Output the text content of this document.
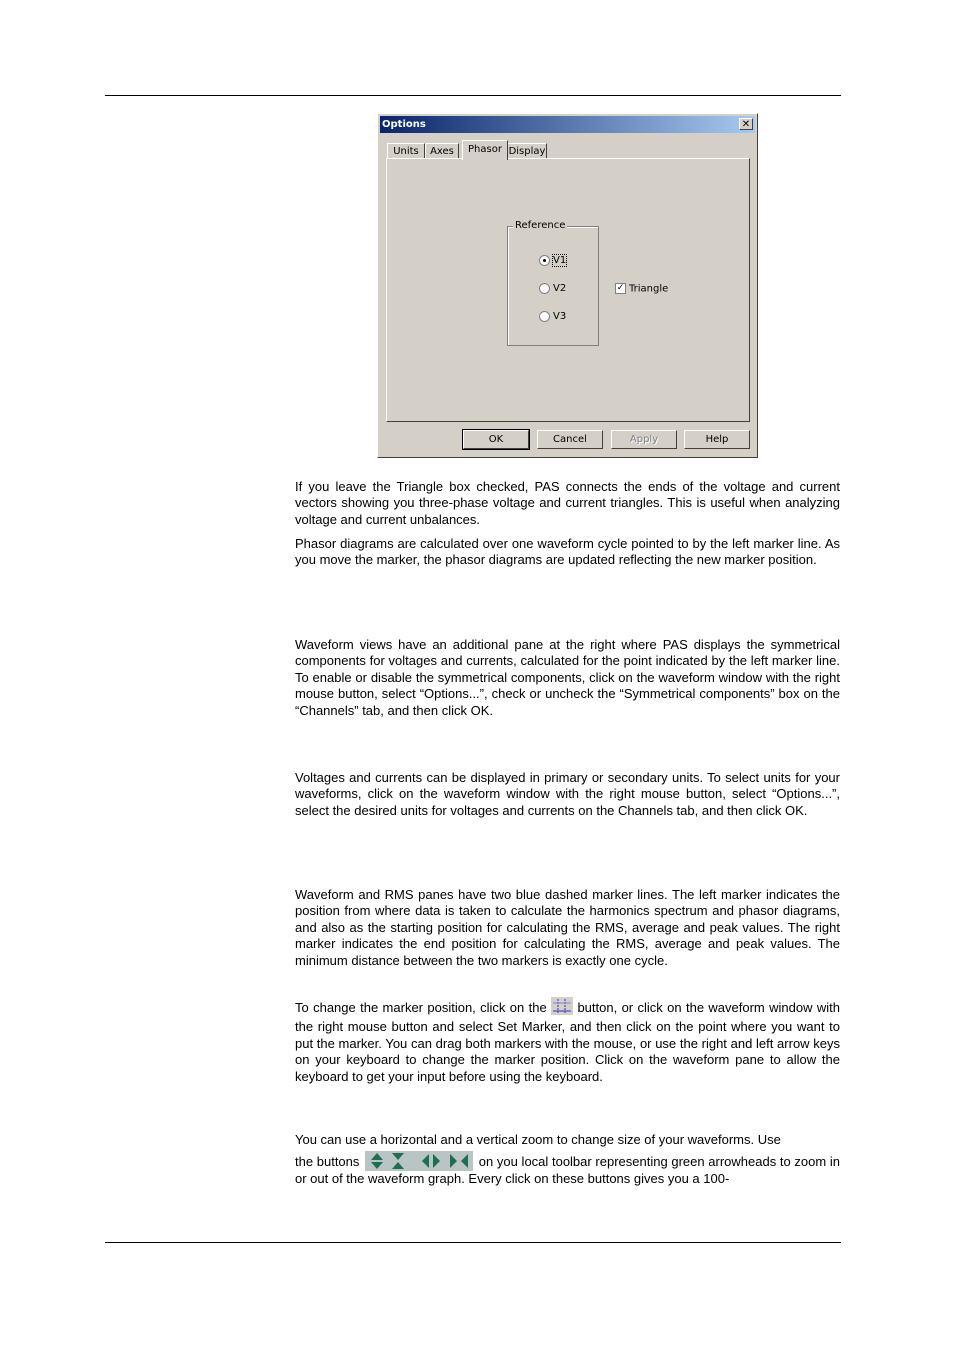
Options	✕
Units	Axes	Phasor Display
Reference
V1
V2
V3
✓ Triangle
OK	Cancel	Apply	Help

If you leave the Triangle box checked, PAS connects the ends of the voltage and current vectors showing you three-phase voltage and current triangles. This is useful when analyzing voltage and current unbalances.

Phasor diagrams are calculated over one waveform cycle pointed to by the left marker line. As you move the marker, the phasor diagrams are updated reflecting the new marker position.

Waveform views have an additional pane at the right where PAS displays the symmetrical components for voltages and currents, calculated for the point indicated by the left marker line. To enable or disable the symmetrical components, click on the waveform window with the right mouse button, select “Options...”, check or uncheck the “Symmetrical components” box on the “Channels” tab, and then click OK.

Voltages and currents can be displayed in primary or secondary units. To select units for your waveforms, click on the waveform window with the right mouse button, select “Options...”, select the desired units for voltages and currents on the Channels tab, and then click OK.

Waveform and RMS panes have two blue dashed marker lines. The left marker indicates the position from where data is taken to calculate the harmonics spectrum and phasor diagrams, and also as the starting position for calculating the RMS, average and peak values. The right marker indicates the end position for calculating the RMS, average and peak values. The minimum distance between the two markers is exactly one cycle.

To change the marker position, click on the button, or click on the waveform window with the right mouse button and select Set Marker, and then click on the point where you want to put the marker. You can drag both markers with the mouse, or use the right and left arrow keys on your keyboard to change the marker position. Click on the waveform pane to allow the keyboard to get your input before using the keyboard.

You can use a horizontal and a vertical zoom to change size of your waveforms. Use

the buttons	on you local toolbar representing green arrowheads to zoom in or out of the waveform graph. Every click on these buttons gives you a 100-
